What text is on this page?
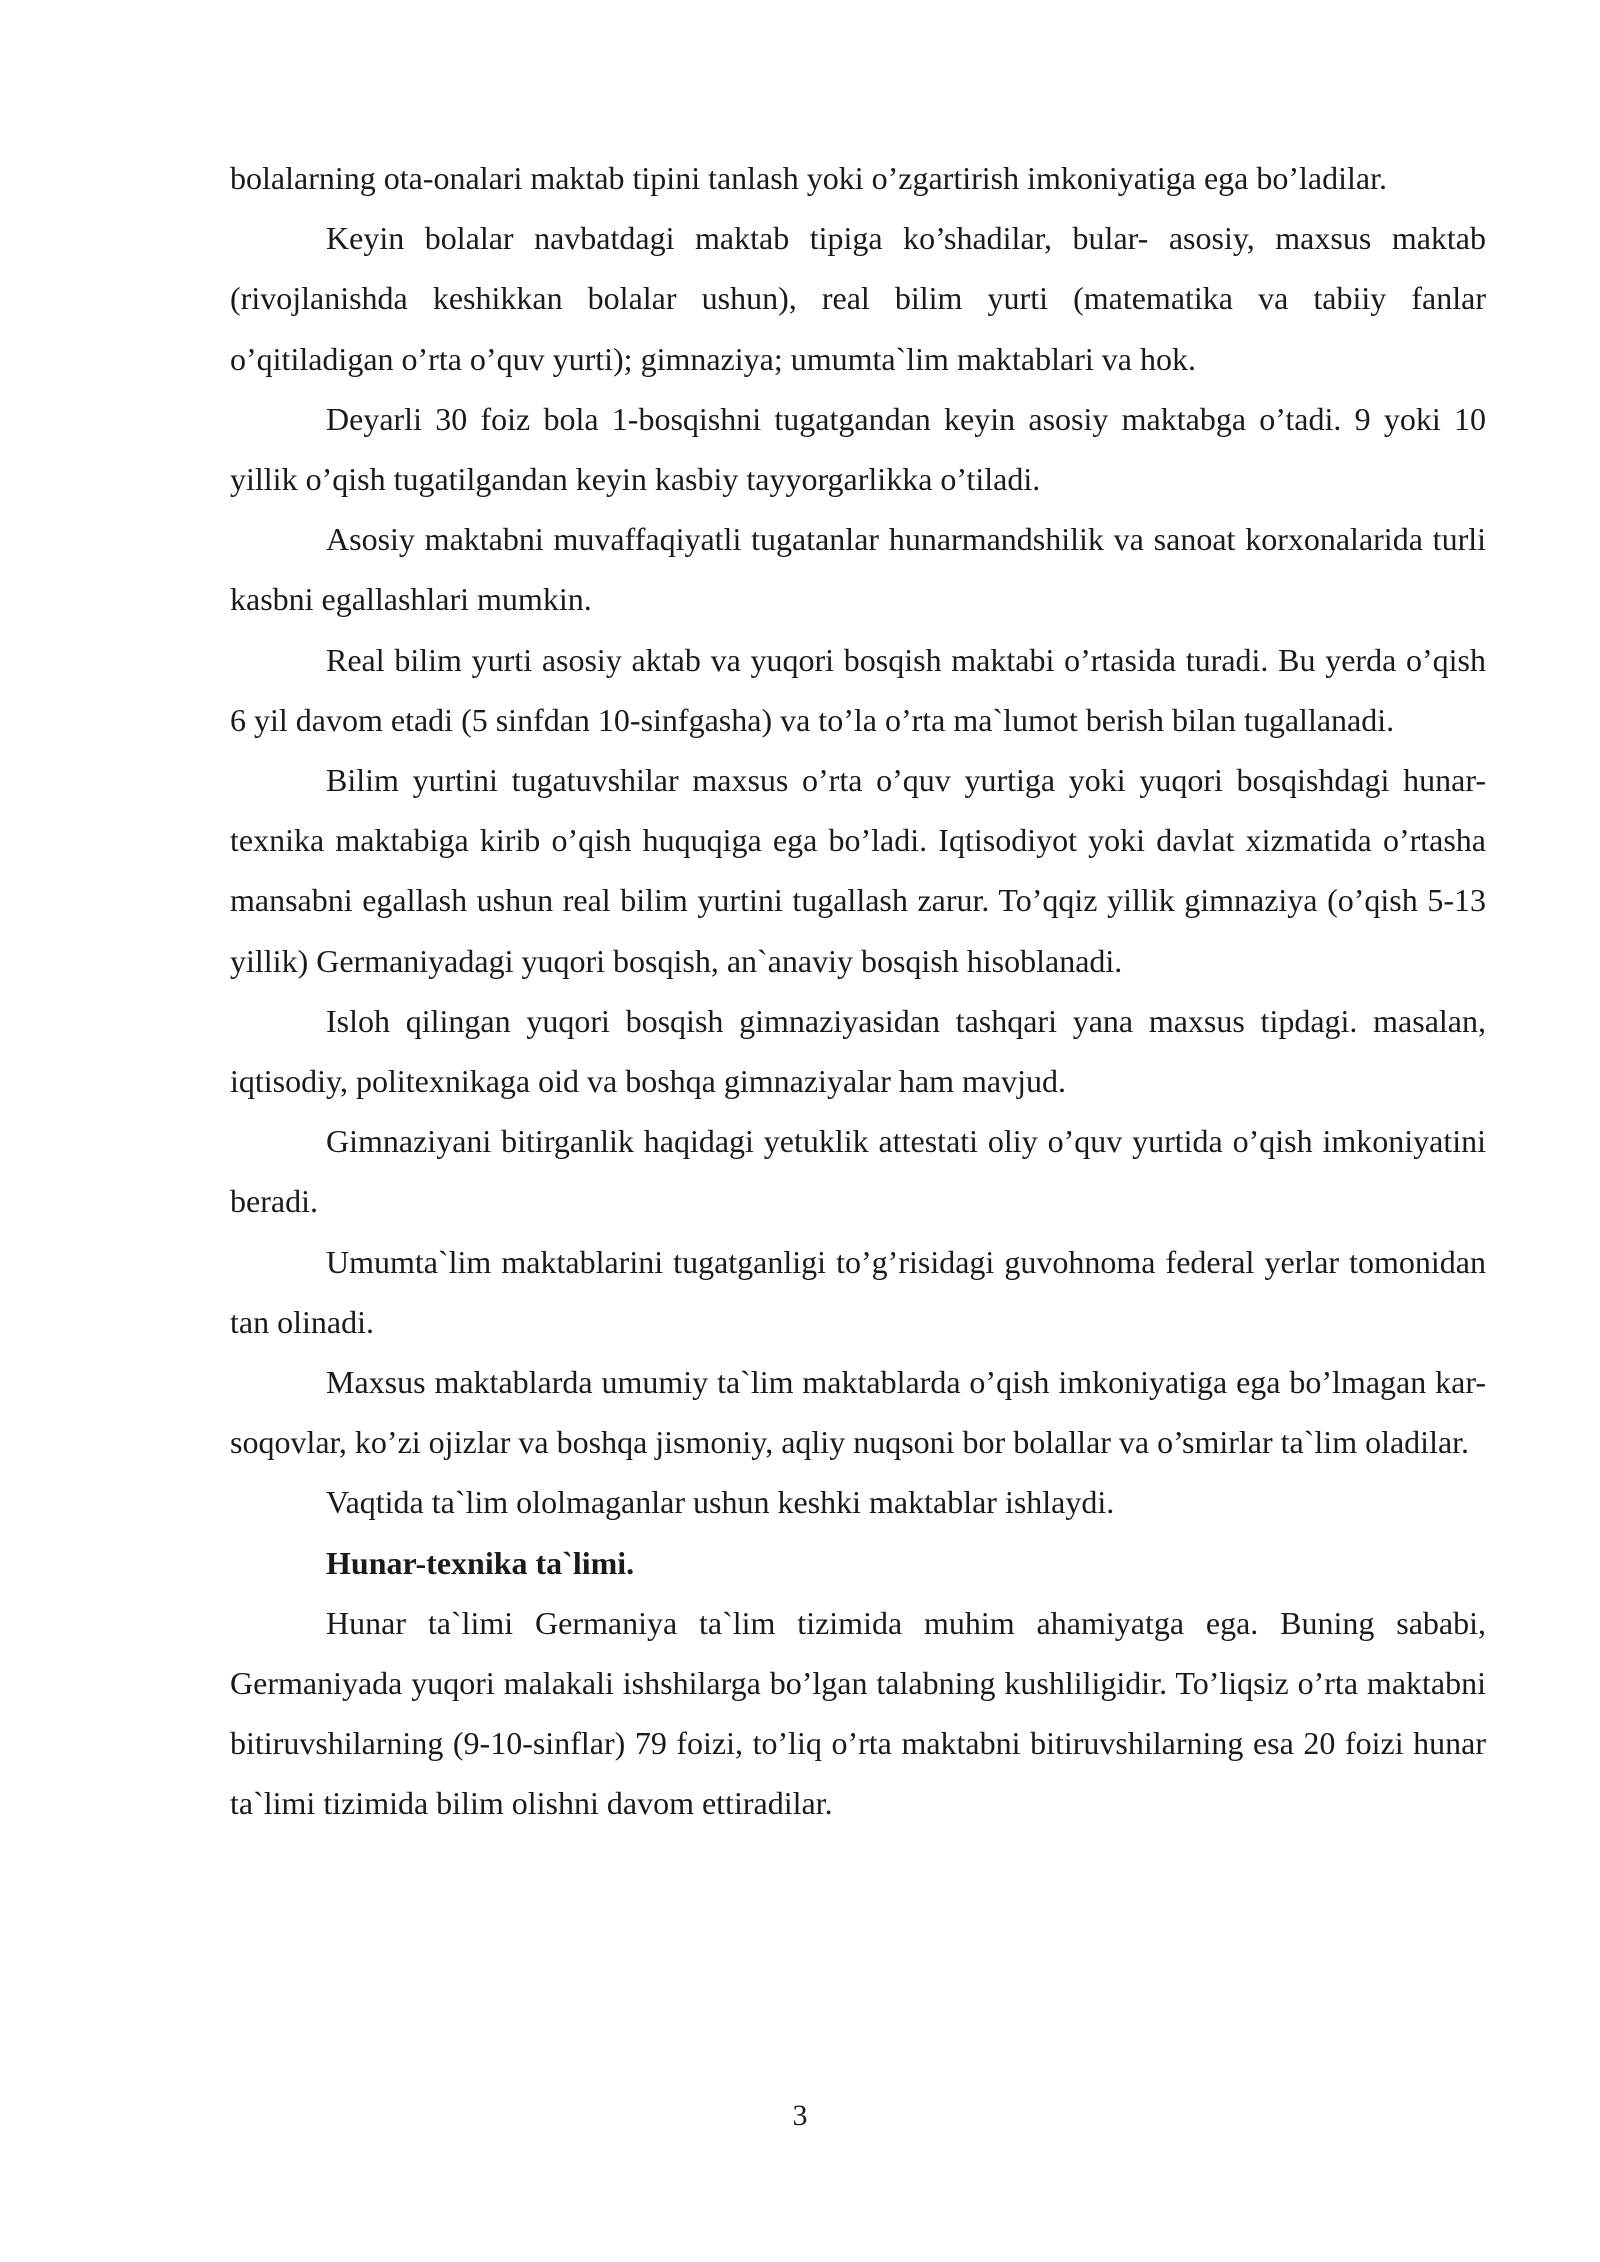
bolalarning ota-onalari maktab tipini tanlash yoki o’zgartirish imkoniyatiga ega bo’ladilar.

Keyin bolalar navbatdagi maktab tipiga ko’shadilar, bular- asosiy, maxsus maktab (rivojlanishda keshikkan bolalar ushun), real bilim yurti (matematika va tabiiy fanlar o’qitiladigan o’rta o’quv yurti); gimnaziya; umumta`lim maktablari va hok.

Deyarli 30 foiz bola 1-bosqishni tugatgandan keyin asosiy maktabga o’tadi. 9 yoki 10 yillik o’qish tugatilgandan keyin kasbiy tayyorgarlikka o’tiladi.

Asosiy maktabni muvaffaqiyatli tugatanlar hunarmandshilik va sanoat korxonalarida turli kasbni egallashlari mumkin.

Real bilim yurti asosiy aktab va yuqori bosqish maktabi o’rtasida turadi. Bu yerda o’qish 6 yil davom etadi (5 sinfdan 10-sinfgasha) va to’la o’rta ma`lumot berish bilan tugallanadi.

Bilim yurtini tugatuvshilar maxsus o’rta o’quv yurtiga yoki yuqori bosqishdagi hunar-texnika maktabiga kirib o’qish huquqiga ega bo’ladi. Iqtisodiyot yoki davlat xizmatida o’rtasha mansabni egallash ushun real bilim yurtini tugallash zarur. To’qqiz yillik gimnaziya (o’qish 5-13 yillik) Germaniyadagi yuqori bosqish, an`anaviy bosqish hisoblanadi.

Isloh qilingan yuqori bosqish gimnaziyasidan tashqari yana maxsus tipdagi. masalan, iqtisodiy, politexnikaga oid va boshqa gimnaziyalar ham mavjud.

Gimnaziyani bitirganlik haqidagi yetuklik attestati oliy o’quv yurtida o’qish imkoniyatini beradi.

Umumta`lim maktablarini tugatganligi to’g’risidagi guvohnoma federal yerlar tomonidan tan olinadi.

Maxsus maktablarda umumiy ta`lim maktablarda o’qish imkoniyatiga ega bo’lmagan kar-soqovlar, ko’zi ojizlar va boshqa jismoniy, aqliy nuqsoni bor bolallar va o’smirlar ta`lim oladilar.

Vaqtida ta`lim ololmaganlar ushun keshki maktablar ishlaydi.

Hunar-texnika ta`limi.

Hunar ta`limi Germaniya ta`lim tizimida muhim ahamiyatga ega. Buning sababi, Germaniyada yuqori malakali ishshilarga bo’lgan talabning kushliligidir. To’liqsiz o’rta maktabni bitiruvshilarning (9-10-sinflar) 79 foizi, to’liq o’rta maktabni bitiruvshilarning esa 20 foizi hunar ta`limi tizimida bilim olishni davom ettiradilar.

3
